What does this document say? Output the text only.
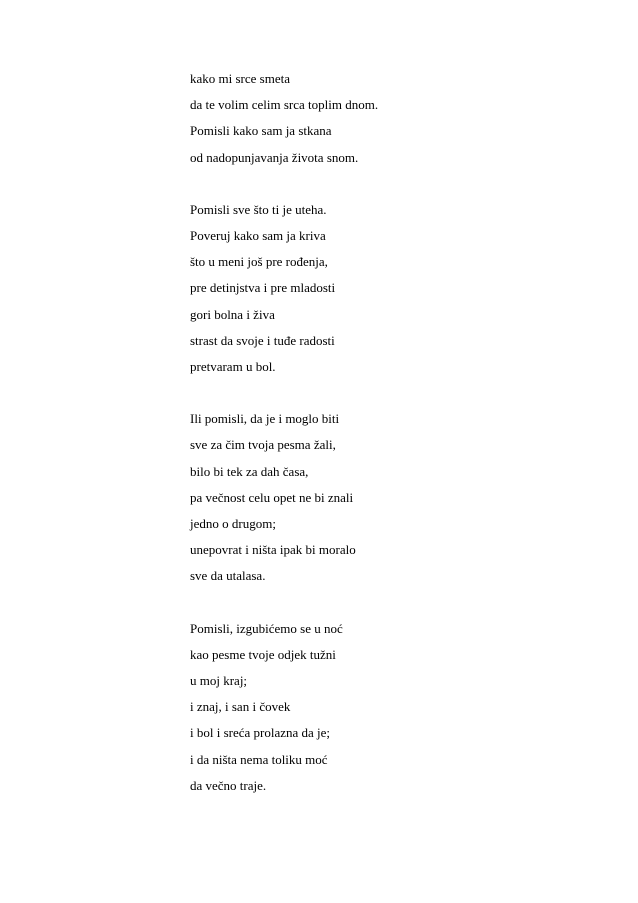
kako mi srce smeta
da te volim celim srca toplim dnom.
Pomisli kako sam ja stkana
od nadopunjavanja života snom.
Pomisli sve što ti je uteha.
Poveruj kako sam ja kriva
što u meni još pre rođenja,
pre detinjstva i pre mladosti
gori bolna i živa
strast da svoje i tuđe radosti
pretvaram u bol.
Ili pomisli, da je i moglo biti
sve za čim tvoja pesma žali,
bilo bi tek za dah časa,
pa večnost celu opet ne bi znali
jedno o drugom;
unepovrat i ništa ipak bi moralo
sve da utalasa.
Pomisli, izgubićemo se u noć
kao pesme tvoje odjek tužni
u moj kraj;
i znaj, i san i čovek
i bol i sreća prolazna da je;
i da ništa nema toliku moć
da večno traje.
